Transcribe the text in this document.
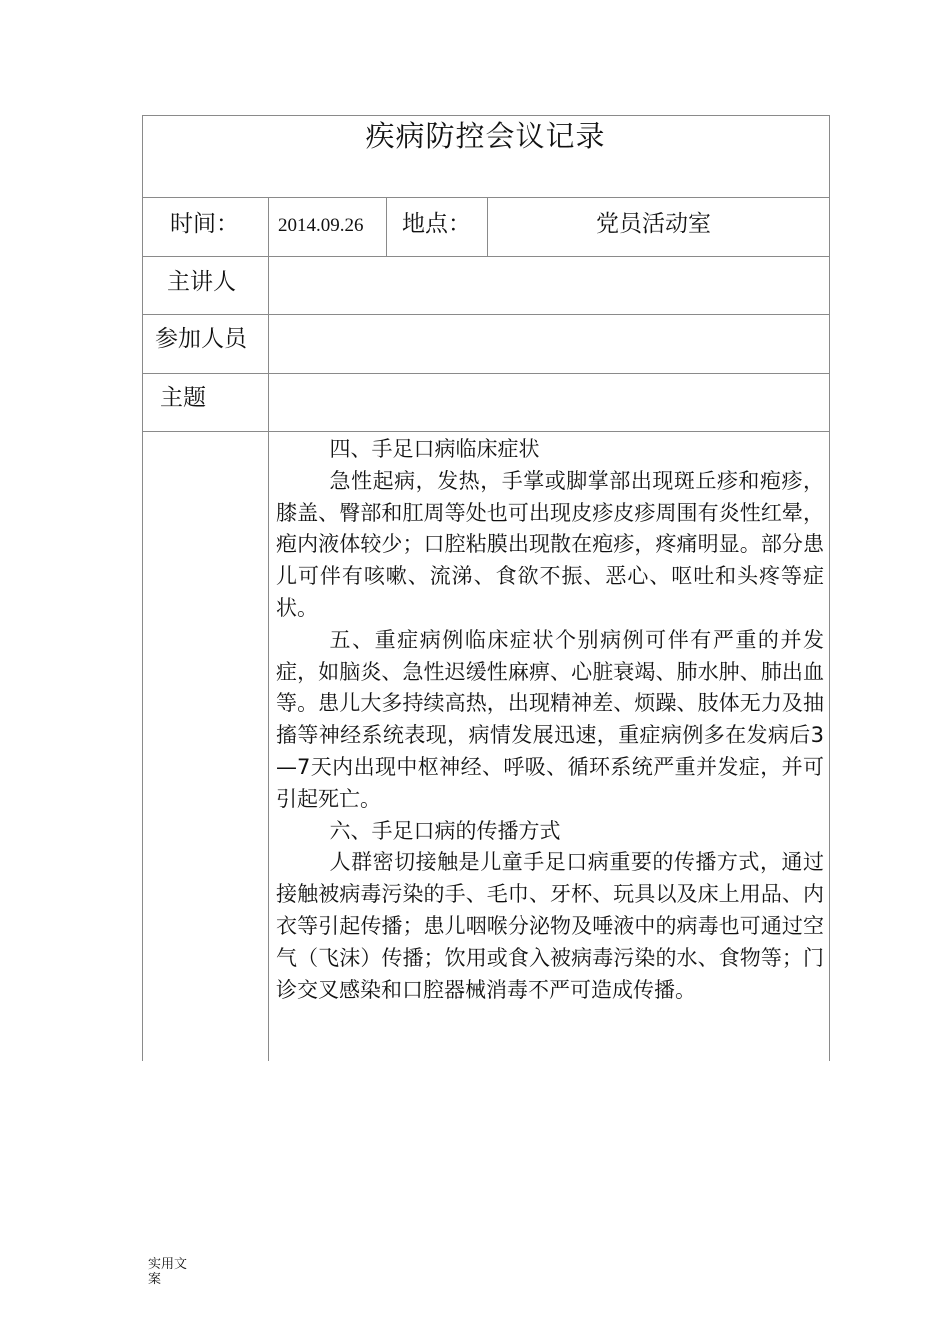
疾病防控会议记录
时间： 2014.09.26 地点：	党员活动室
主讲人
参加人员
主题

四、手足口病临床症状

急性起病，发热，手掌或脚掌部出现斑丘疹和疱疹，膝盖、臀部和肛周等处也可出现皮疹皮疹周围有炎性红晕，疱内液体较少；口腔粘膜出现散在疱疹，疼痛明显。部分患儿可伴有咳嗽、流涕、食欲不振、恶心、呕吐和头疼等症状。

五、重症病例临床症状个别病例可伴有严重的并发症，如脑炎、急性迟缓性麻痹、心脏衰竭、肺水肿、肺出血等。患儿大多持续高热，出现精神差、烦躁、肢体无力及抽搐等神经系统表现，病情发展迅速，重症病例多在发病后3—7天内出现中枢神经、呼吸、循环系统严重并发症，并可引起死亡。

六、手足口病的传播方式

人群密切接触是儿童手足口病重要的传播方式，通过接触被病毒污染的手、毛巾、牙杯、玩具以及床上用品、内衣等引起传播；患儿咽喉分泌物及唾液中的病毒也可通过空气（飞沫）传播；饮用或食入被病毒污染的水、食物等；门诊交叉感染和口腔器械消毒不严可造成传播。

实用文案
